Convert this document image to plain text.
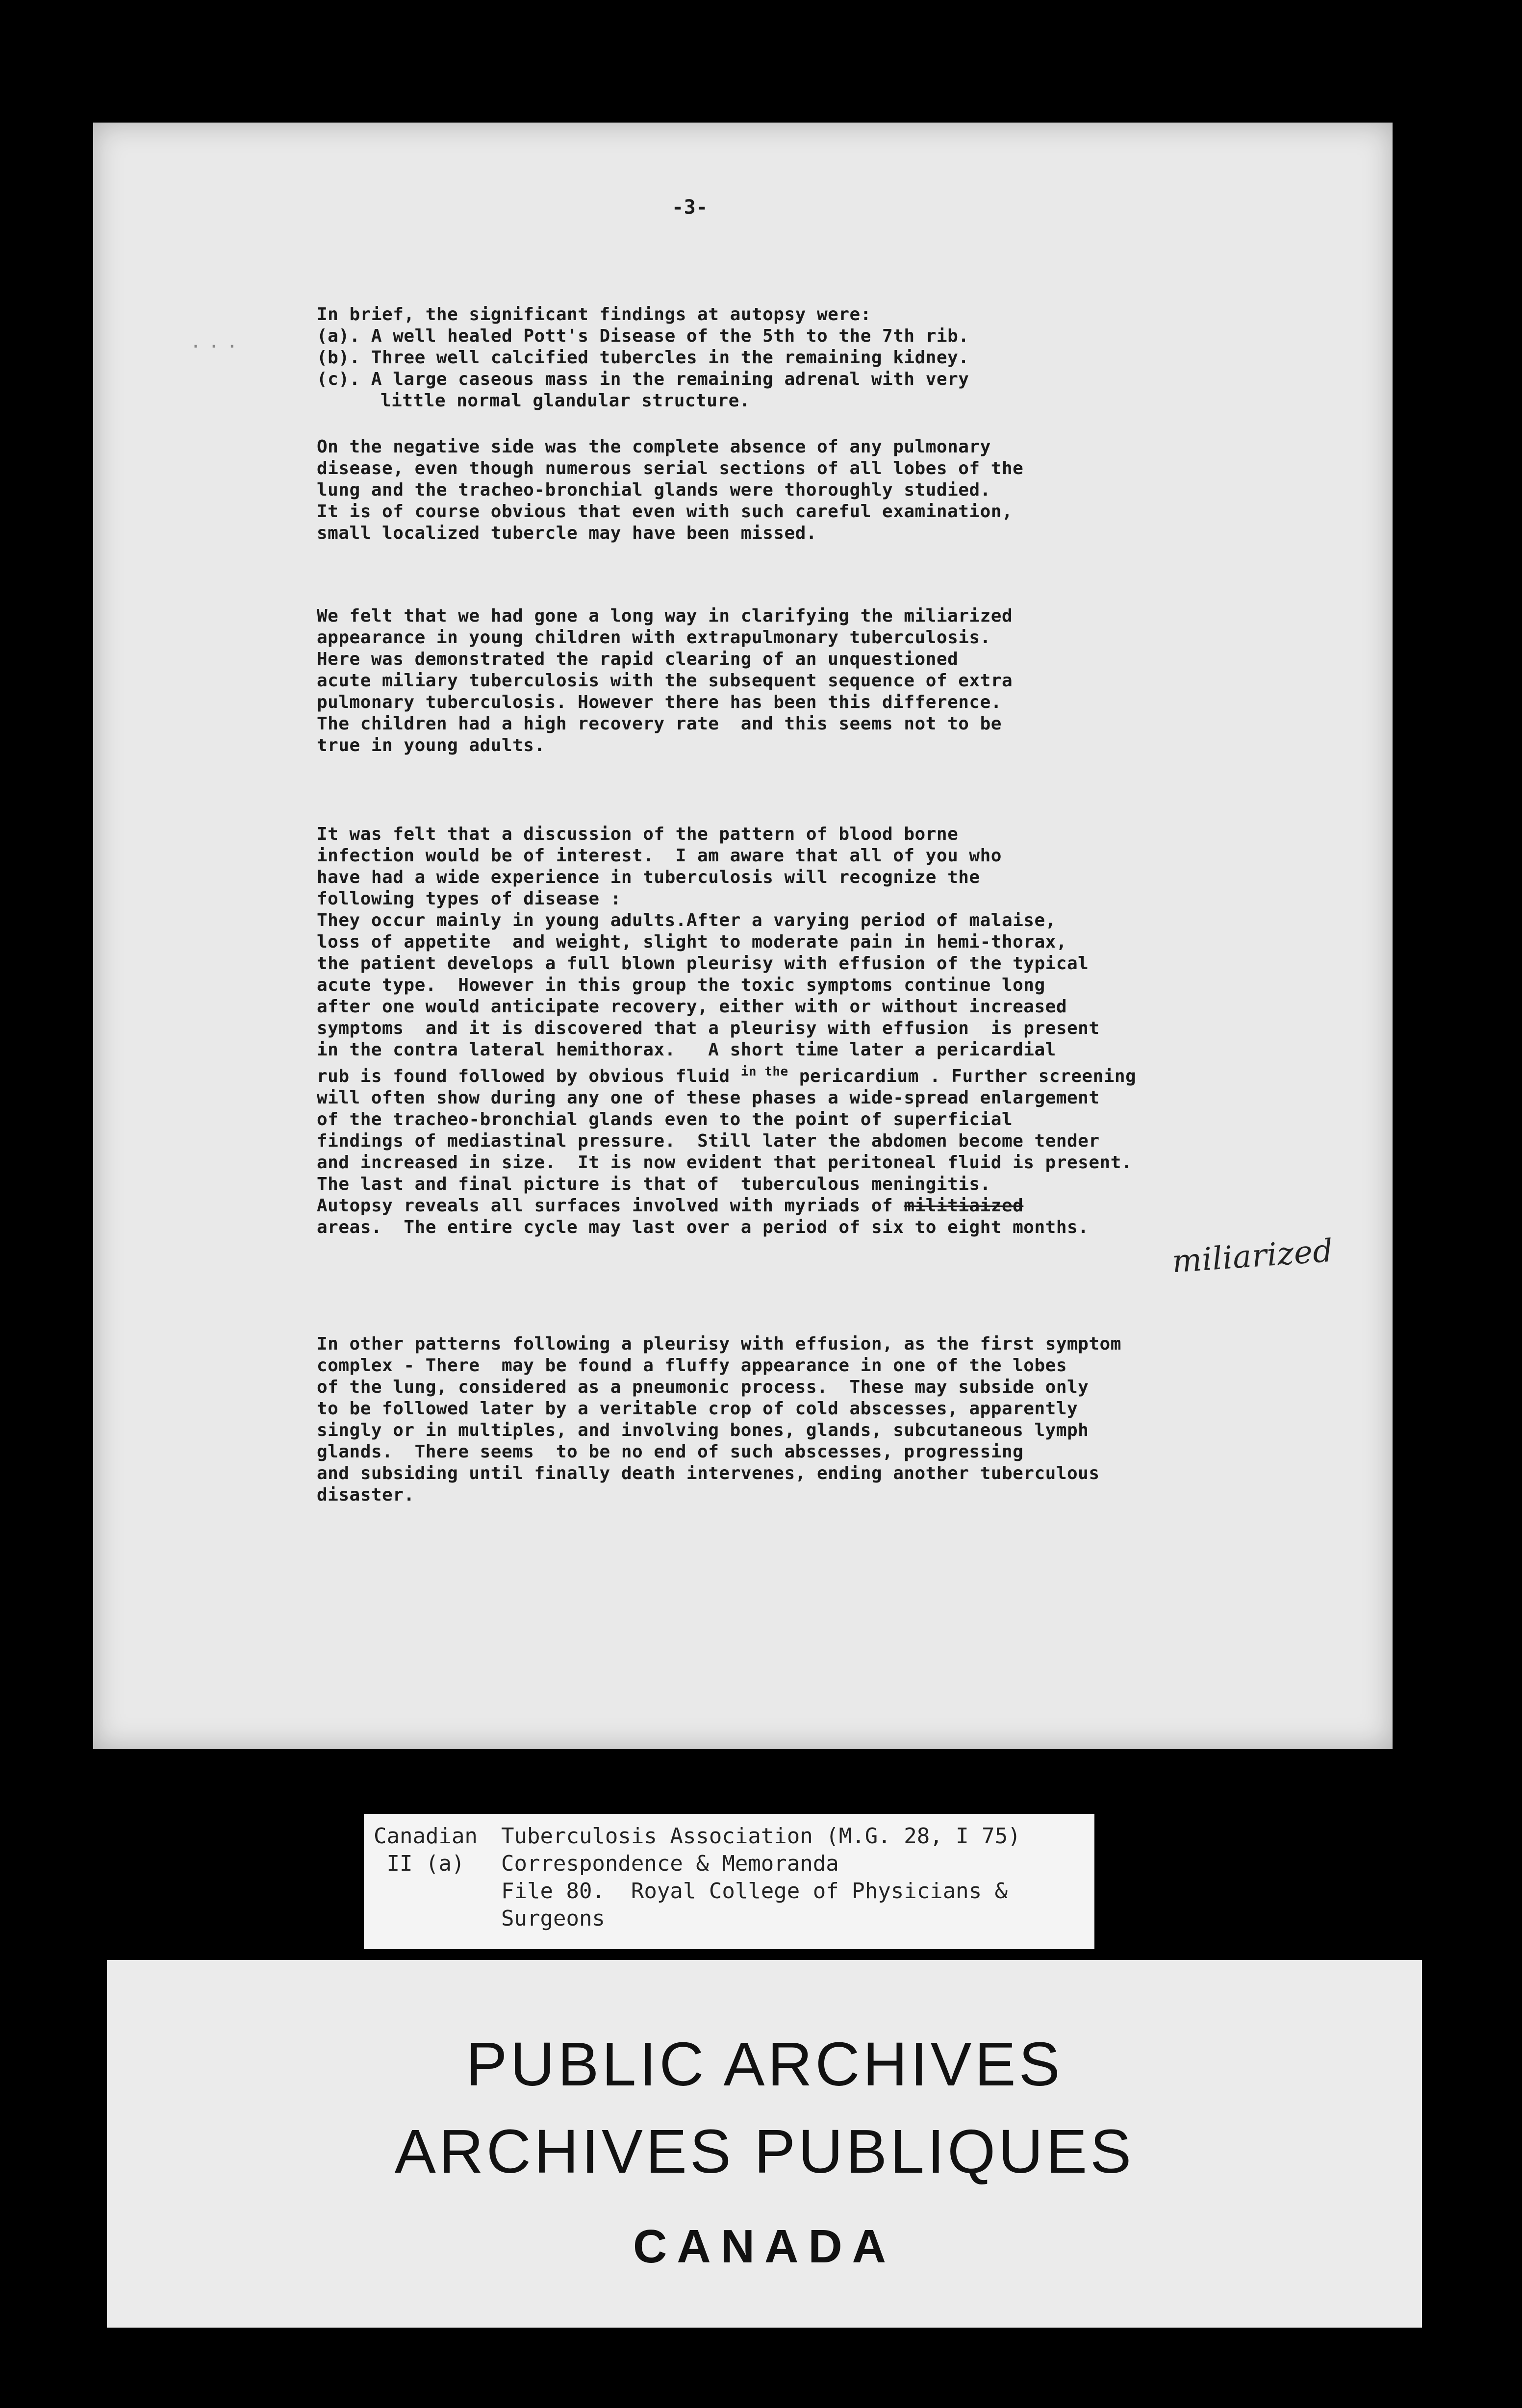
-3-
· · ·
In brief, the significant findings at autopsy were:
(a). A well healed Pott's Disease of the 5th to the 7th rib.
(b). Three well calcified tubercles in the remaining kidney.
(c). A large caseous mass in the remaining adrenal with very
little normal glandular structure.
On the negative side was the complete absence of any pulmonary
disease, even though numerous serial sections of all lobes of the
lung and the tracheo-bronchial glands were thoroughly studied.
It is of course obvious that even with such careful examination,
small localized tubercle may have been missed.
We felt that we had gone a long way in clarifying the miliarized
appearance in young children with extrapulmonary tuberculosis.
Here was demonstrated the rapid clearing of an unquestioned
acute miliary tuberculosis with the subsequent sequence of extra
pulmonary tuberculosis. However there has been this difference.
The children had a high recovery rate  and this seems not to be
true in young adults.
It was felt that a discussion of the pattern of blood borne
infection would be of interest.  I am aware that all of you who
have had a wide experience in tuberculosis will recognize the
following types of disease :
They occur mainly in young adults.After a varying period of malaise,
loss of appetite  and weight, slight to moderate pain in hemi-thorax,
the patient develops a full blown pleurisy with effusion of the typical
acute type.  However in this group the toxic symptoms continue long
after one would anticipate recovery, either with or without increased
symptoms  and it is discovered that a pleurisy with effusion  is present
in the contra lateral hemithorax.   A short time later a pericardial
rub is found followed by obvious fluid $^{in the}$ pericardium . Further screening
will often show during any one of these phases a wide-spread enlargement
of the tracheo-bronchial glands even to the point of superficial
findings of mediastinal pressure.  Still later the abdomen become tender
and increased in size.  It is now evident that peritoneal fluid is present.
The last and final picture is that of  tuberculous meningitis.
Autopsy reveals all surfaces involved with myriads of militiaized
areas.  The entire cycle may last over a period of six to eight months.
miliarized
In other patterns following a pleurisy with effusion, as the first symptom
complex - There  may be found a fluffy appearance in one of the lobes
of the lung, considered as a pneumonic process.  These may subside only
to be followed later by a veritable crop of cold abscesses, apparently
singly or in multiples, and involving bones, glands, subcutaneous lymph
glands.  There seems  to be no end of such abscesses, progressing
and subsiding until finally death intervenes, ending another tuberculous
disaster.
Canadian	Tuberculosis Association (M.G. 28, I 75)
II (a)	Correspondence & Memoranda
File 80.  Royal College of Physicians &
Surgeons
PUBLIC ARCHIVES
ARCHIVES PUBLIQUES
CANADA
